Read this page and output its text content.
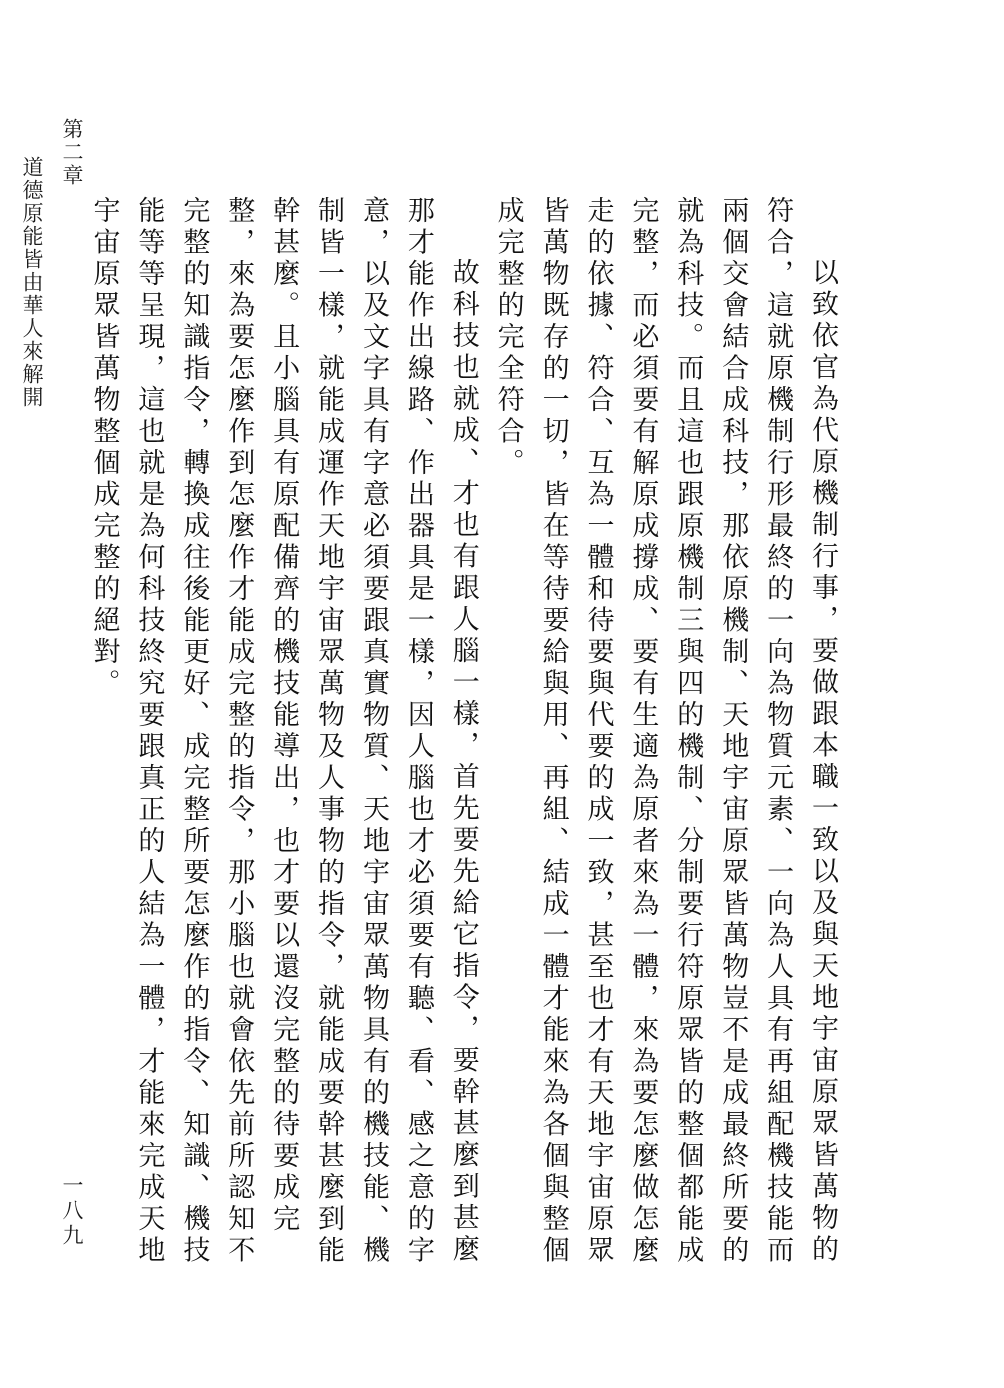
第二章
道德原能皆由華人來解開	以致依官為代原機制行事，要做跟本職一致以及與天地宇宙原眾皆萬物的符合，這就原機制行形最終的一向為物質元素、一向為人具有再組配機技能而兩個交會結合成科技，那依原機制、天地宇宙原眾皆萬物豈不是成最終所要的就為科技。而且這也跟原機制三與四的機制、分制要行符原眾皆的整個都能成完整，而必須要有解原成撐成、要有生適為原者來為一體，來為要怎麼做怎麼走的依據、符合、互為一體和待要與代要的成一致，甚至也才有天地宇宙原眾皆萬物既存的一切，皆在等待要給與用、再組、結成一體才能來為各個與整個成完整的完全符合。

故科技也就成、才也有跟人腦一樣，首先要先給它指令，要幹甚麼到甚麼那才能作出線路、作出器具是一樣，因人腦也才必須要有聽、看、感之意的字意，以及文字具有字意必須要跟真實物質、天地宇宙眾萬物具有的機技能、機制皆一樣，就能成運作天地宇宙眾萬物及人事物的指令，就能成要幹甚麼到能幹甚麼。且小腦具有原配備齊的機技能導出，也才要以還沒完整的待要成完整，來為要怎麼作到怎麼作才能成完整的指令，那小腦也就會依先前所認知不完整的知識指令，轉換成往後能更好、成完整所要怎麼作的指令、知識、機技能等等呈現，這也就是為何科技終究要跟真正的人結為一體，才能來完成天地宇宙原眾皆萬物整個成完整的絕對。

一八九
